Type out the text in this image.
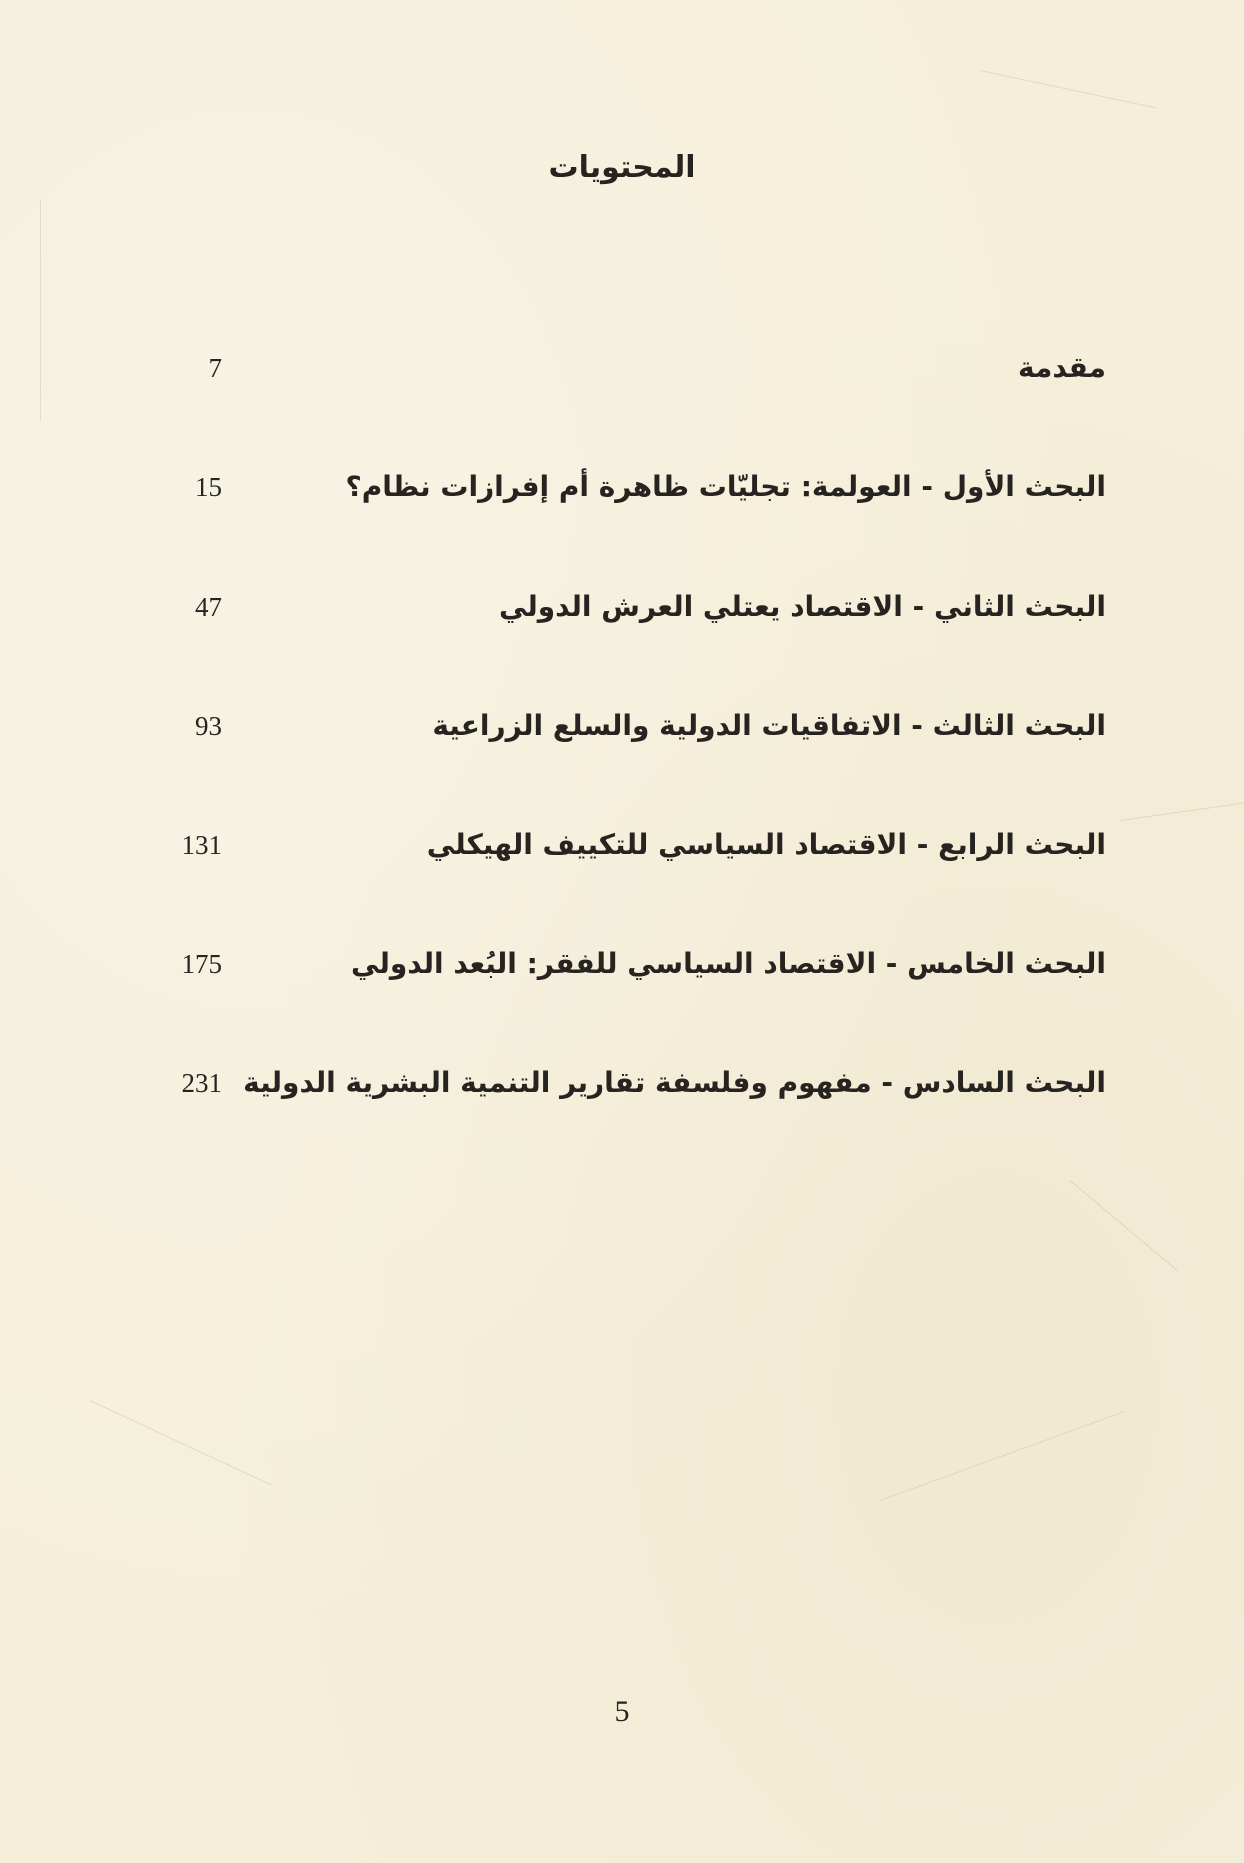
المحتويات
مقدمة
7
البحث الأول - العولمة: تجليّات ظاهرة أم إفرازات نظام؟
15
البحث الثاني - الاقتصاد يعتلي العرش الدولي
47
البحث الثالث - الاتفاقيات الدولية والسلع الزراعية
93
البحث الرابع - الاقتصاد السياسي للتكييف الهيكلي
131
البحث الخامس - الاقتصاد السياسي للفقر: البُعد الدولي
175
البحث السادس - مفهوم وفلسفة تقارير التنمية البشرية الدولية
231
5
